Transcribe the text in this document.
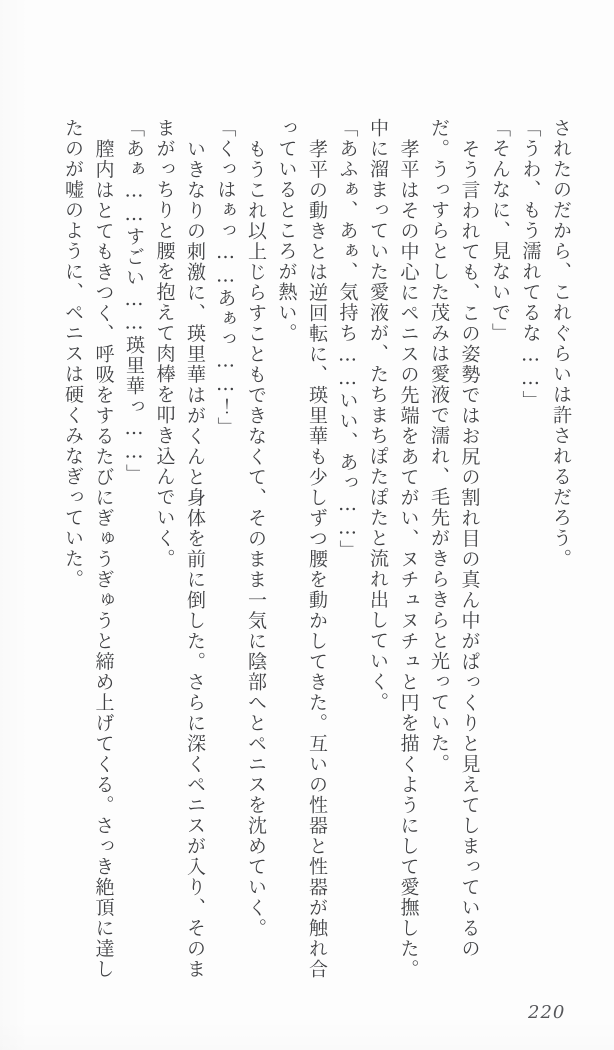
されたのだから、これぐらいは許されるだろう。

「うわ、もう濡れてるな……」

「そんなに、見ないで」

そう言われても、この姿勢ではお尻の割れ目の真ん中がぱっくりと見えてしまっているのだ。うっすらとした茂みは愛液で濡れ、毛先がきらきらと光っていた。

孝平はその中心にペニスの先端をあてがい、ヌチュヌチュと円を描くようにして愛撫した。中に溜まっていた愛液が、たちまちぽたぽたと流れ出していく。

「あふぁ、あぁ、気持ち……いい、あっ……」

孝平の動きとは逆回転に、瑛里華も少しずつ腰を動かしてきた。互いの性器と性器が触れ合っているところが熱い。

もうこれ以上じらすこともできなくて、そのまま一気に陰部へとペニスを沈めていく。

「くっはぁっ……あぁっ……！」

いきなりの刺激に、瑛里華はがくんと身体を前に倒した。さらに深くペニスが入り、そのままがっちりと腰を抱えて肉棒を叩き込んでいく。

「あぁ……すごい……瑛里華っ……」

膣内はとてもきつく、呼吸をするたびにぎゅうぎゅうと締め上げてくる。さっき絶頂に達したのが嘘のように、ペニスは硬くみなぎっていた。

220
